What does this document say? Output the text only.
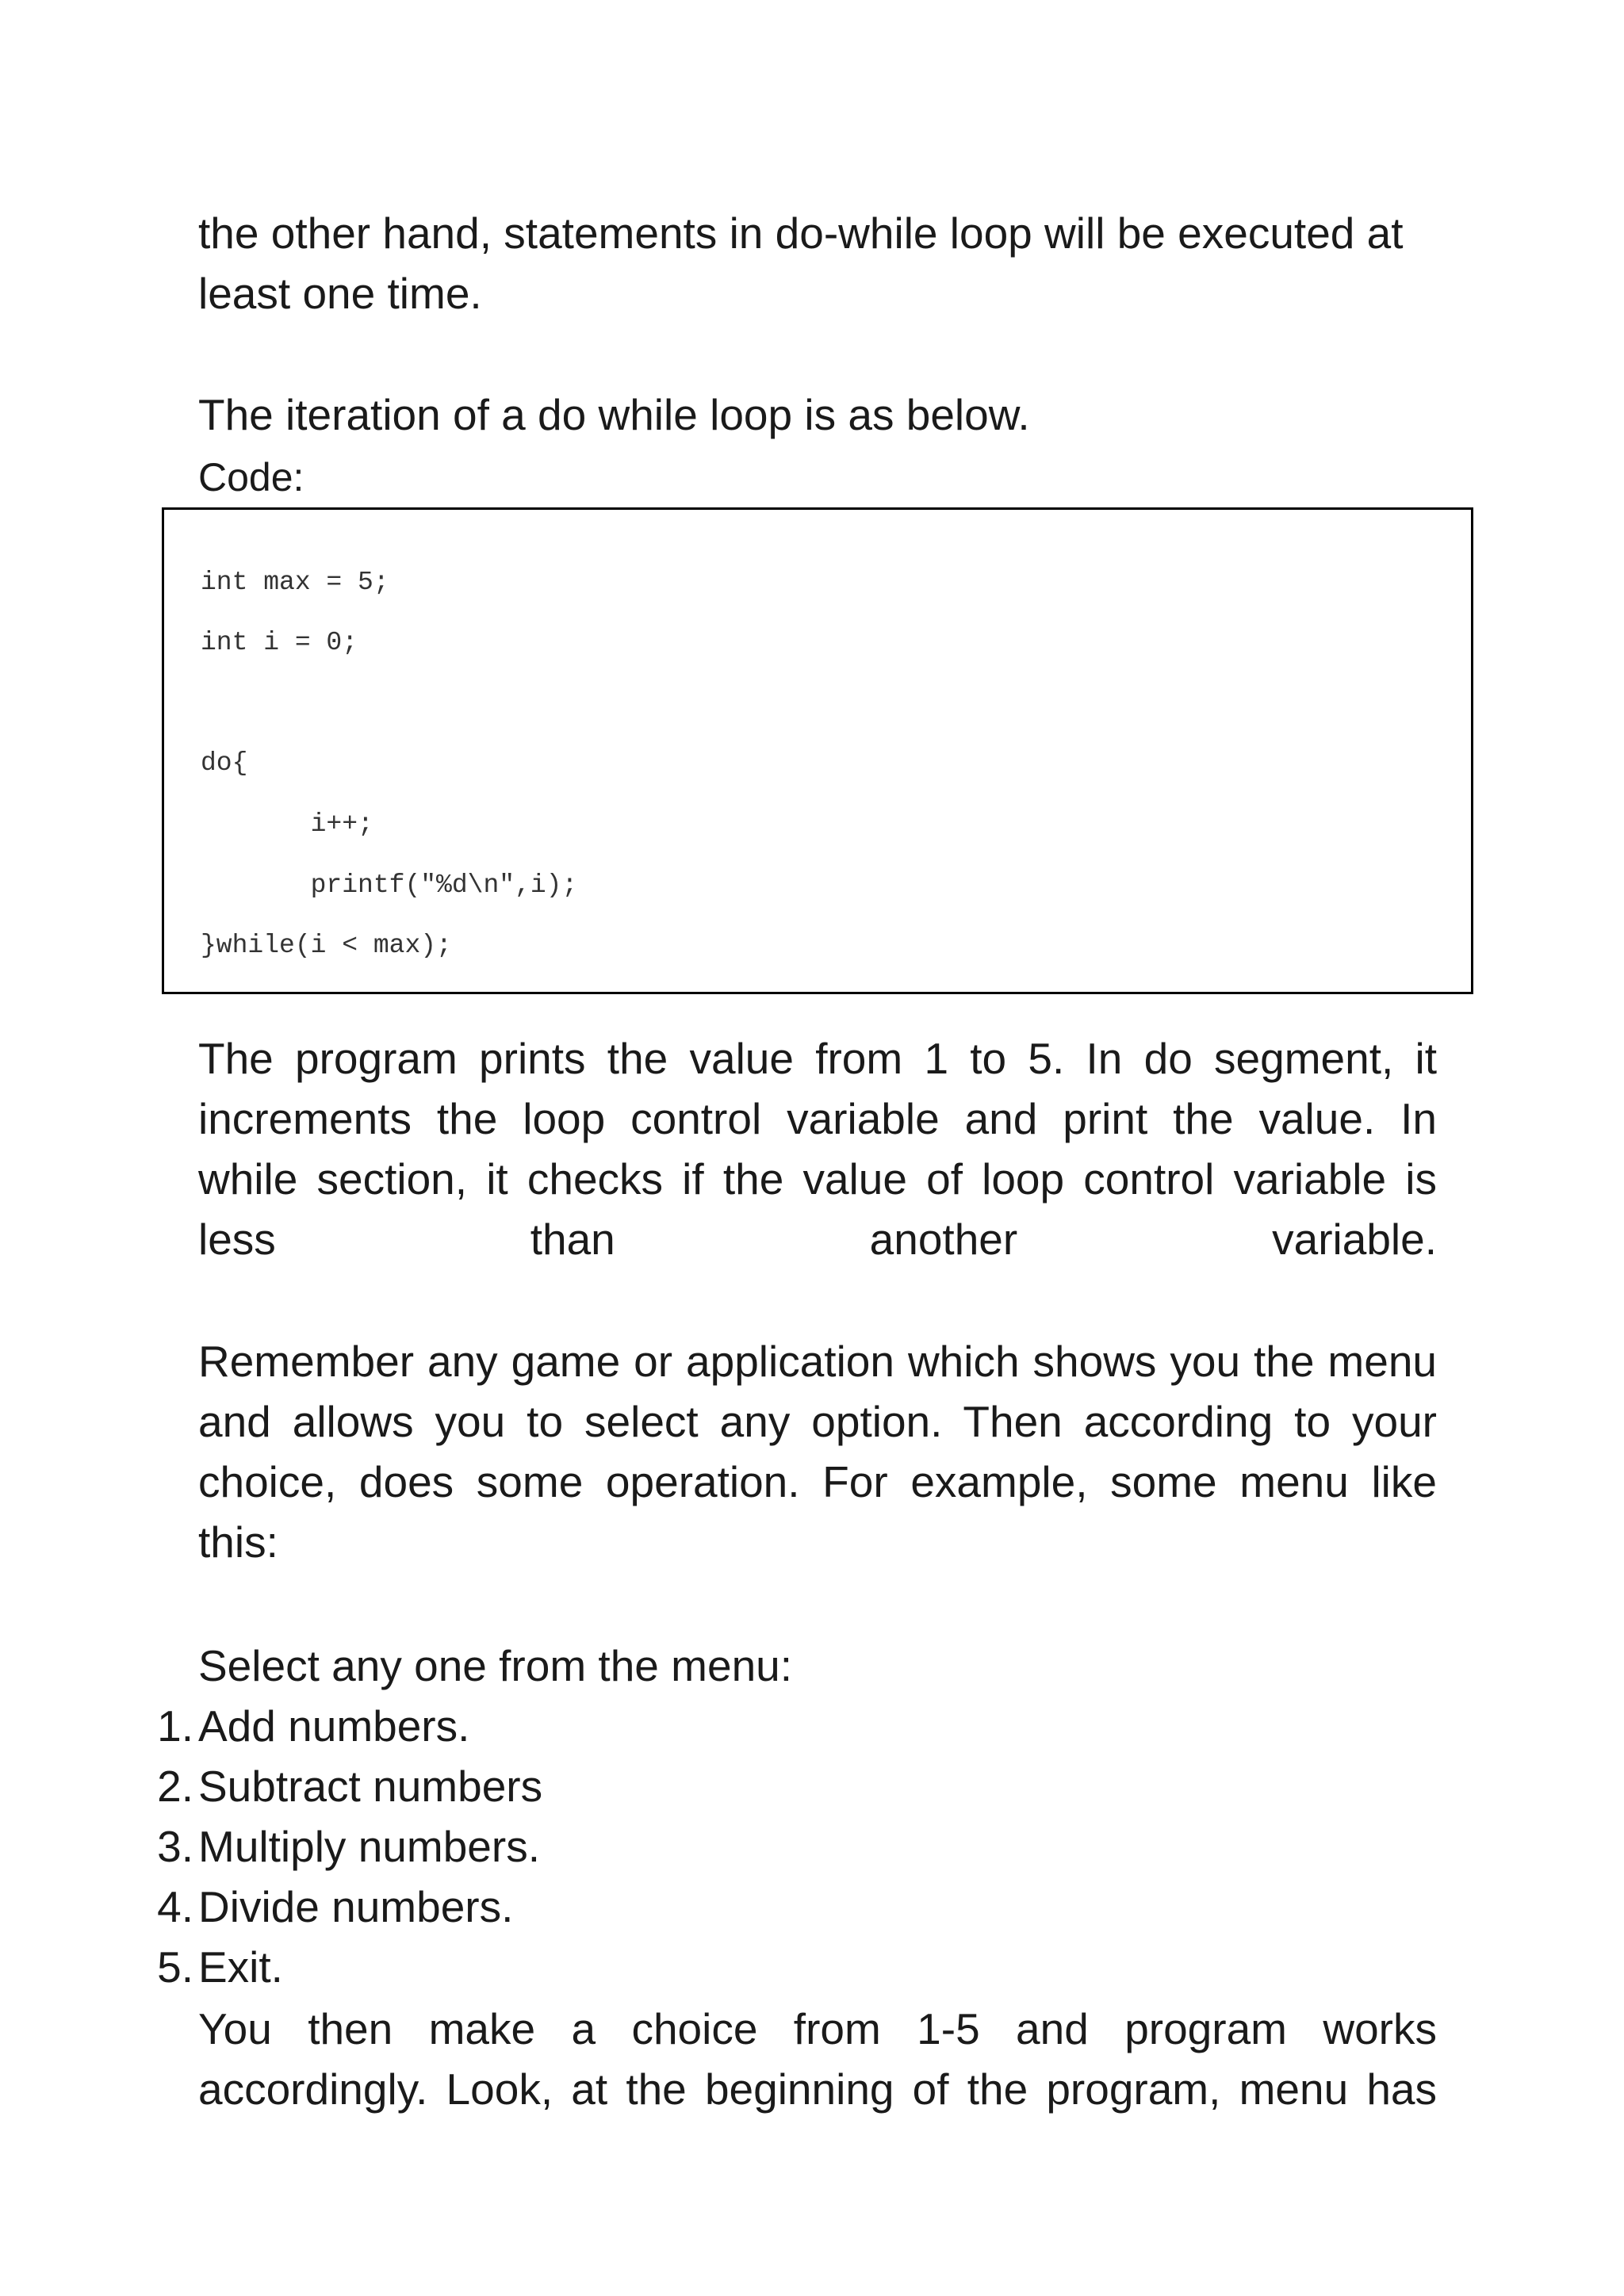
the other hand, statements in do-while loop will be executed at
least one time.
The iteration of a do while loop is as below.
Code:
int max = 5;
int i = 0;
do{
i++;
printf("%d\n",i);
}while(i < max);
The program prints the value from 1 to 5. In do segment, it
increments the loop control variable and print the value. In
while section, it checks if the value of loop control variable is
less than another variable.
Remember any game or application which shows you the menu
and allows you to select any option. Then according to your
choice, does some operation. For example, some menu like
this:
Select any one from the menu:
1. Add numbers.
2. Subtract numbers
3. Multiply numbers.
4. Divide numbers.
5. Exit.
You then make a choice from 1-5 and program works
accordingly. Look, at the beginning of the program, menu has
